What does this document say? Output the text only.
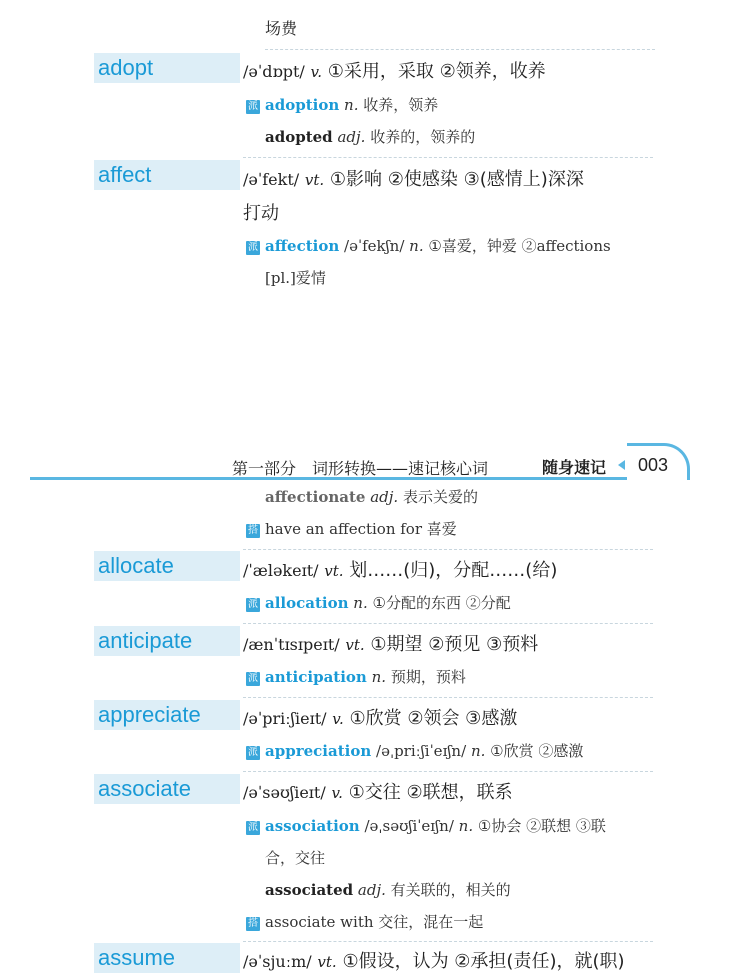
场费
adopt	/əˈdɒpt/ v. ①采用，采取 ②领养，收养
派 adoption n. 收养，领养
adopted adj. 收养的，领养的
affect	/əˈfekt/ vt. ①影响 ②使感染 ③(感情上)深深
打动
派 affection /əˈfekʃn/ n. ①喜爱，钟爱 ②affections
[pl.]爱情
第一部分　词形转换——速记核心词	随身速记 003
affectionate adj. 表示关爱的
搭 have an affection for 喜爱
allocate	/ˈæləkeɪt/ vt. 划……(归)，分配……(给)
派 allocation n. ①分配的东西 ②分配
anticipate	/ænˈtɪsɪpeɪt/ vt. ①期望 ②预见 ③预料
派 anticipation n. 预期，预料
appreciate	/əˈpriːʃieɪt/ v. ①欣赏 ②领会 ③感激
派 appreciation /əˌpriːʃiˈeɪʃn/ n. ①欣赏 ②感激
associate	/əˈsəʊʃieɪt/ v. ①交往 ②联想，联系
派 association /əˌsəʊʃiˈeɪʃn/ n. ①协会 ②联想 ③联
合，交往
associated adj. 有关联的，相关的
搭 associate with 交往，混在一起
assume	/əˈsjuːm/ vt. ①假设，认为 ②承担(责任)，就(职)
